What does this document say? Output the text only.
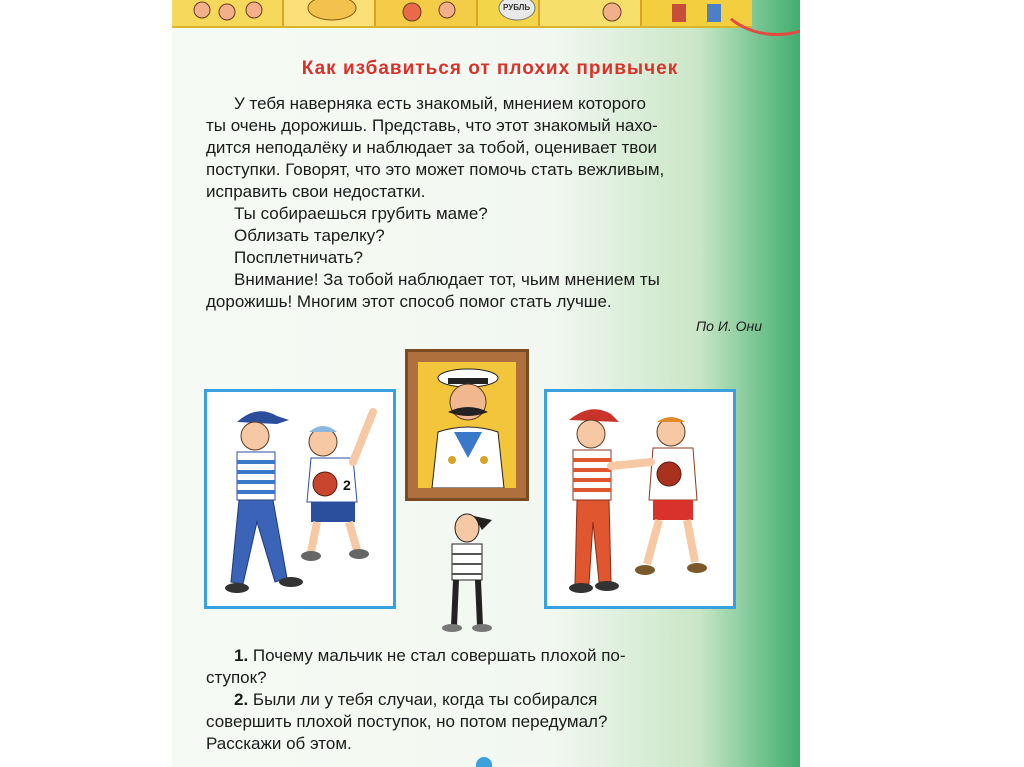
РУБЛЬ
Как избавиться от плохих привычек
У тебя наверняка есть знакомый, мнением которого
ты очень дорожишь. Представь, что этот знакомый нахо-
дится неподалёку и наблюдает за тобой, оценивает твои
поступки. Говорят, что это может помочь стать вежливым,
исправить свои недостатки.
Ты собираешься грубить маме?
Облизать тарелку?
Посплетничать?
Внимание! За тобой наблюдает тот, чьим мнением ты
дорожишь! Многим этот способ помог стать лучше.
По И. Они
2
1. Почему мальчик не стал совершать плохой по-
ступок?
2. Были ли у тебя случаи, когда ты собирался
совершить плохой поступок, но потом передумал?
Расскажи об этом.
